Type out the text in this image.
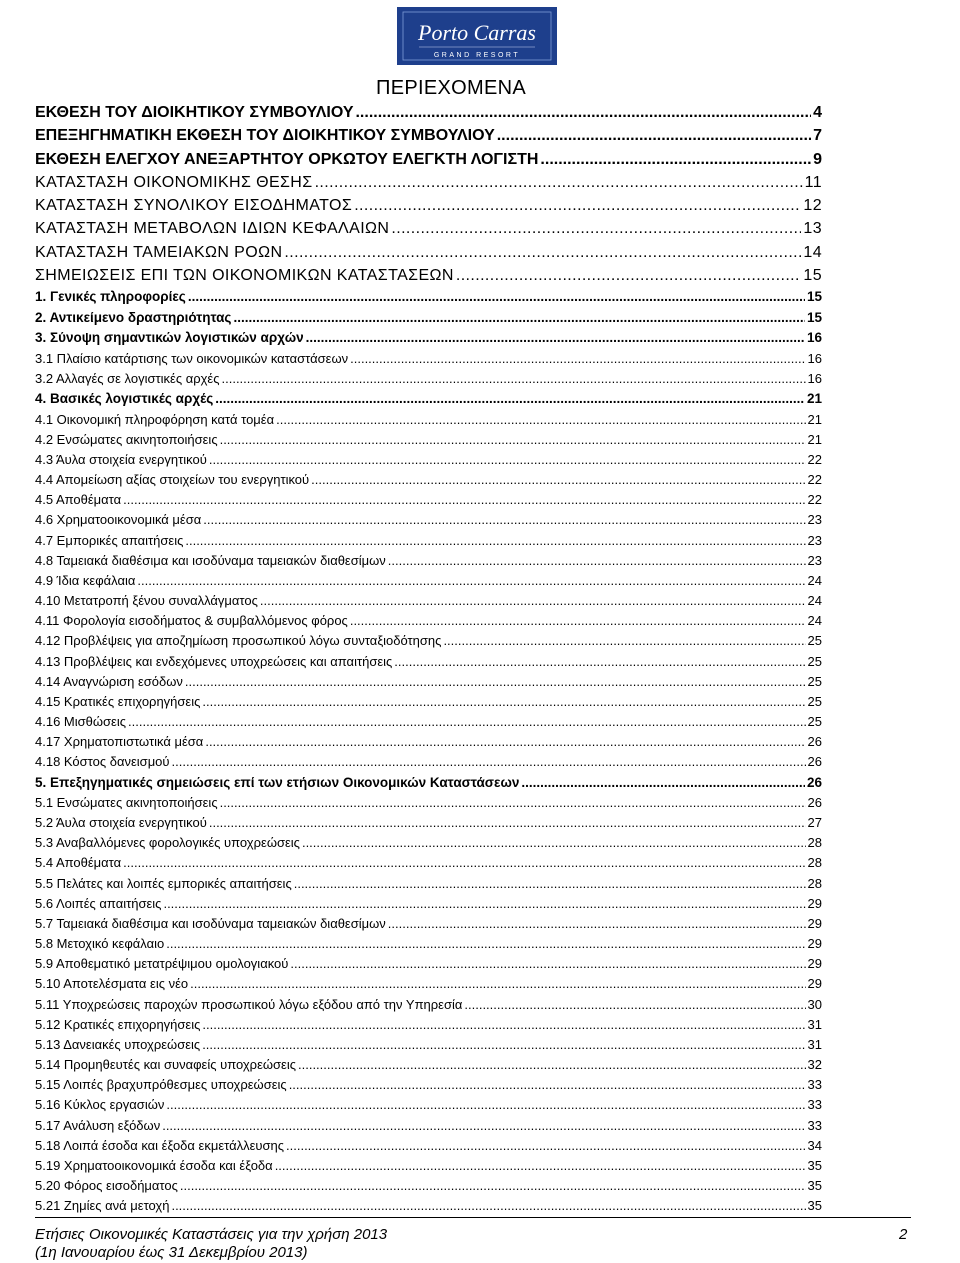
Porto Carras
GRAND RESORT
ΠΕΡΙΕΧΟΜΕΝΑ
ΕΚΘΕΣΗ ΤΟΥ ΔΙΟΙΚΗΤΙΚΟΥ ΣΥΜΒΟΥΛΙΟΥ .....	4
ΕΠΕΞΗΓΗΜΑΤΙΚΗ ΕΚΘΕΣΗ ΤΟΥ ΔΙΟΙΚΗΤΙΚΟΥ ΣΥΜΒΟΥΛΙΟΥ .....	7
ΕΚΘΕΣΗ ΕΛΕΓΧΟΥ ΑΝΕΞΑΡΤΗΤΟΥ ΟΡΚΩΤΟΥ ΕΛΕΓΚΤΗ ΛΟΓΙΣΤΗ .....	9
ΚΑΤΑΣΤΑΣΗ ΟΙΚΟΝΟΜΙΚΗΣ ΘΕΣΗΣ .....	11
ΚΑΤΑΣΤΑΣΗ ΣΥΝΟΛΙΚΟΥ ΕΙΣΟΔΗΜΑΤΟΣ .....	12
ΚΑΤΑΣΤΑΣΗ ΜΕΤΑΒΟΛΩΝ ΙΔΙΩΝ ΚΕΦΑΛΑΙΩΝ .....	13
ΚΑΤΑΣΤΑΣΗ ΤΑΜΕΙΑΚΩΝ ΡΟΩΝ .....	14
ΣΗΜΕΙΩΣΕΙΣ ΕΠΙ ΤΩΝ ΟΙΚΟΝΟΜΙΚΩΝ ΚΑΤΑΣΤΑΣΕΩΝ .....	15
1. Γενικές πληροφορίες .....	15
2. Αντικείμενο δραστηριότητας .....	15
3. Σύνοψη σημαντικών λογιστικών αρχών .....	16
3.1 Πλαίσιο κατάρτισης των οικονομικών καταστάσεων .....	16
3.2 Αλλαγές σε λογιστικές αρχές .....	16
4. Βασικές λογιστικές αρχές .....	21
4.1 Οικονομική πληροφόρηση κατά τομέα .....	21
4.2 Ενσώματες ακινητοποιήσεις .....	21
4.3 Άυλα στοιχεία ενεργητικού .....	22
4.4 Απομείωση αξίας στοιχείων του ενεργητικού .....	22
4.5 Αποθέματα .....	22
4.6 Χρηματοοικονομικά μέσα .....	23
4.7 Εμπορικές απαιτήσεις .....	23
4.8 Ταμειακά διαθέσιμα και ισοδύναμα ταμειακών διαθεσίμων .....	23
4.9 Ίδια κεφάλαια .....	24
4.10 Μετατροπή ξένου συναλλάγματος .....	24
4.11 Φορολογία εισοδήματος & συμβαλλόμενος φόρος .....	24
4.12 Προβλέψεις για αποζημίωση προσωπικού λόγω συνταξιοδότησης .....	25
4.13 Προβλέψεις και ενδεχόμενες υποχρεώσεις και απαιτήσεις .....	25
4.14 Αναγνώριση εσόδων .....	25
4.15 Κρατικές επιχορηγήσεις .....	25
4.16 Μισθώσεις .....	25
4.17 Χρηματοπιστωτικά μέσα .....	26
4.18 Κόστος δανεισμού .....	26
5. Επεξηγηματικές σημειώσεις επί των ετήσιων Οικονομικών Καταστάσεων .....	26
5.1 Ενσώματες ακινητοποιήσεις .....	26
5.2 Άυλα στοιχεία ενεργητικού .....	27
5.3 Αναβαλλόμενες φορολογικές υποχρεώσεις .....	28
5.4 Αποθέματα .....	28
5.5 Πελάτες και λοιπές εμπορικές απαιτήσεις .....	28
5.6 Λοιπές απαιτήσεις .....	29
5.7 Ταμειακά διαθέσιμα και ισοδύναμα ταμειακών διαθεσίμων .....	29
5.8 Μετοχικό κεφάλαιο .....	29
5.9 Αποθεματικό μετατρέψιμου ομολογιακού .....	29
5.10 Αποτελέσματα εις νέο .....	29
5.11 Υποχρεώσεις παροχών προσωπικού λόγω εξόδου από την Υπηρεσία .....	30
5.12 Κρατικές επιχορηγήσεις .....	31
5.13 Δανειακές υποχρεώσεις .....	31
5.14 Προμηθευτές και συναφείς υποχρεώσεις .....	32
5.15 Λοιπές βραχυπρόθεσμες υποχρεώσεις .....	33
5.16 Κύκλος εργασιών .....	33
5.17 Ανάλυση εξόδων .....	33
5.18 Λοιπά έσοδα και έξοδα εκμετάλλευσης .....	34
5.19 Χρηματοοικονομικά έσοδα και έξοδα .....	35
5.20 Φόρος εισοδήματος .....	35
5.21 Ζημίες ανά μετοχή .....	35
Ετήσιες Οικονομικές Καταστάσεις για την χρήση 2013
(1η Ιανουαρίου έως 31 Δεκεμβρίου 2013)
2
